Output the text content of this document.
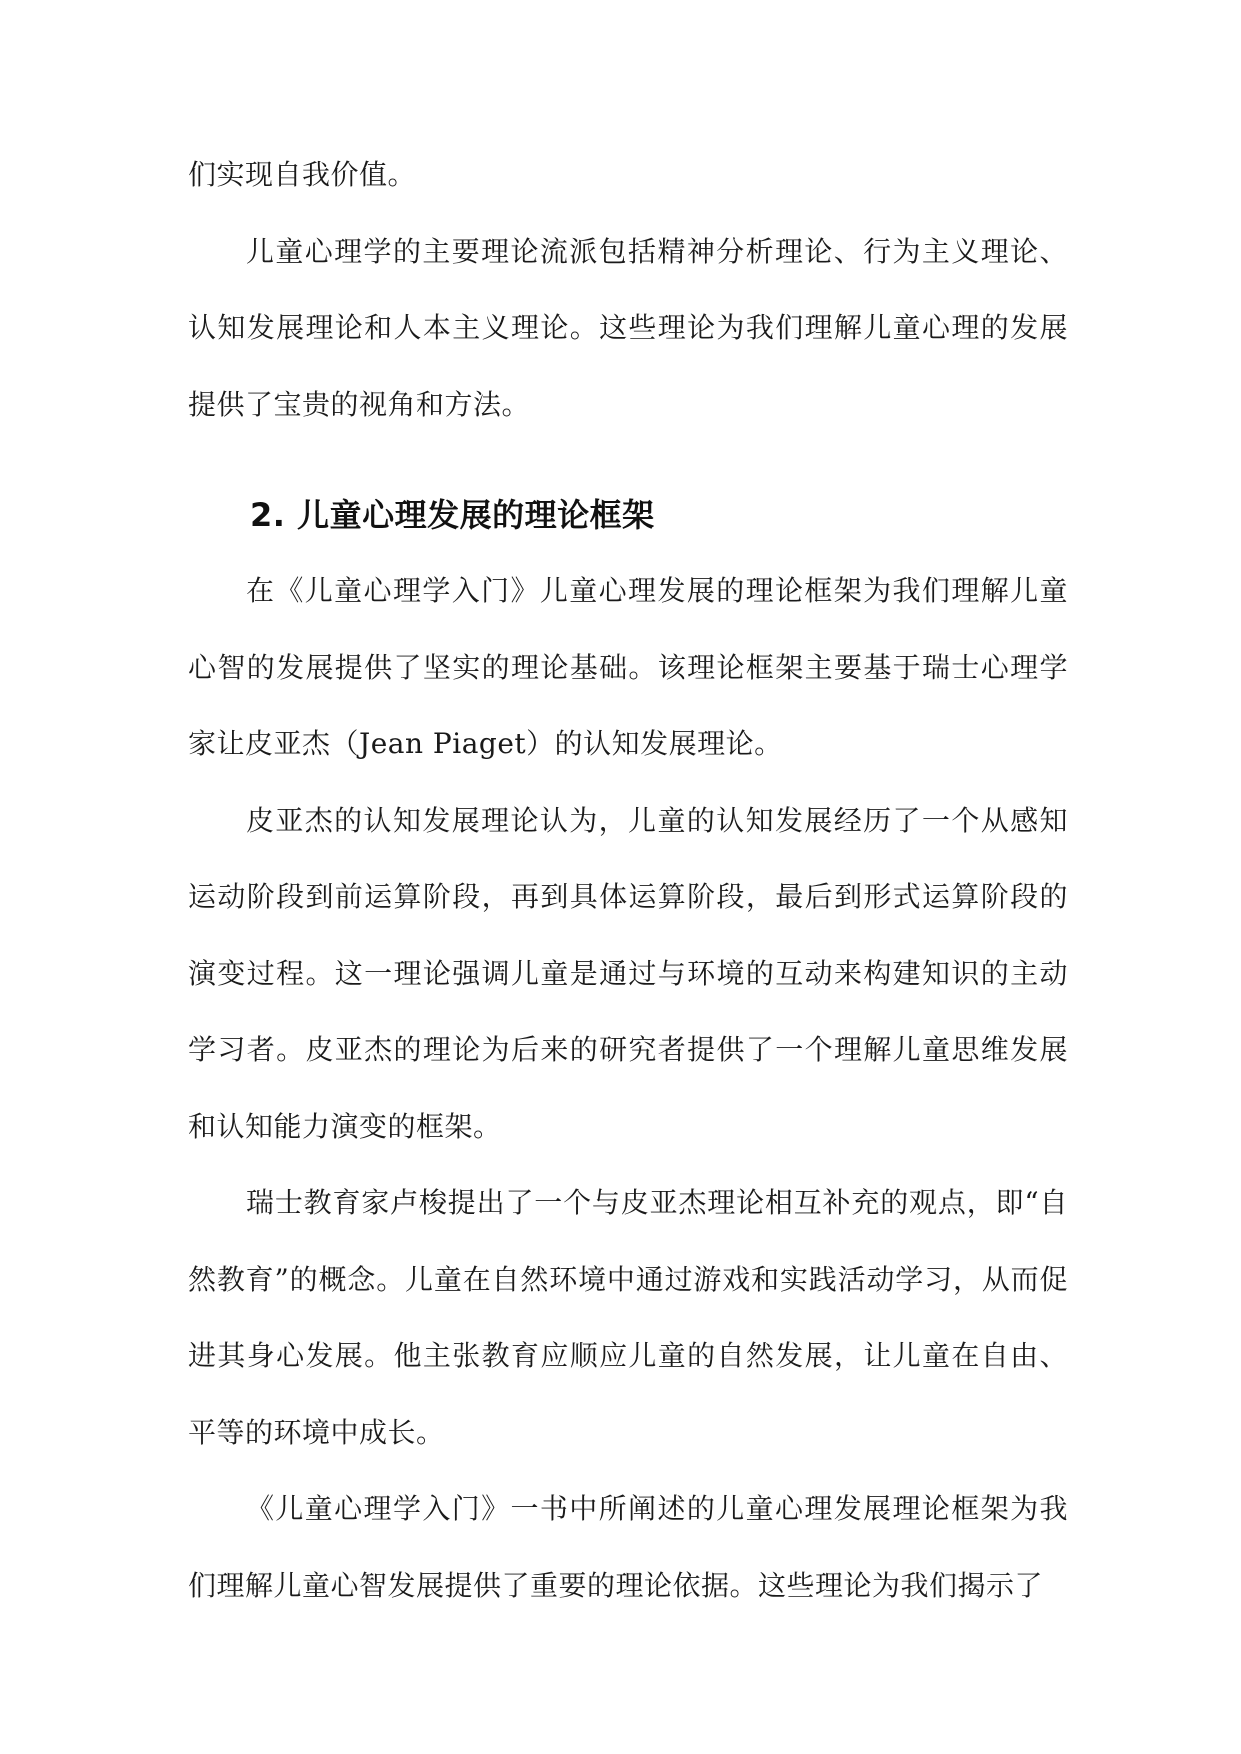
们实现自我价值。

儿童心理学的主要理论流派包括精神分析理论、行为主义理论、认知发展理论和人本主义理论。这些理论为我们理解儿童心理的发展提供了宝贵的视角和方法。

2. 儿童心理发展的理论框架

在《儿童心理学入门》儿童心理发展的理论框架为我们理解儿童心智的发展提供了坚实的理论基础。该理论框架主要基于瑞士心理学家让皮亚杰（Jean Piaget）的认知发展理论。

皮亚杰的认知发展理论认为，儿童的认知发展经历了一个从感知运动阶段到前运算阶段，再到具体运算阶段，最后到形式运算阶段的演变过程。这一理论强调儿童是通过与环境的互动来构建知识的主动学习者。皮亚杰的理论为后来的研究者提供了一个理解儿童思维发展和认知能力演变的框架。

瑞士教育家卢梭提出了一个与皮亚杰理论相互补充的观点，即“自然教育”的概念。儿童在自然环境中通过游戏和实践活动学习，从而促进其身心发展。他主张教育应顺应儿童的自然发展，让儿童在自由、平等的环境中成长。

《儿童心理学入门》一书中所阐述的儿童心理发展理论框架为我们理解儿童心智发展提供了重要的理论依据。这些理论为我们揭示了
